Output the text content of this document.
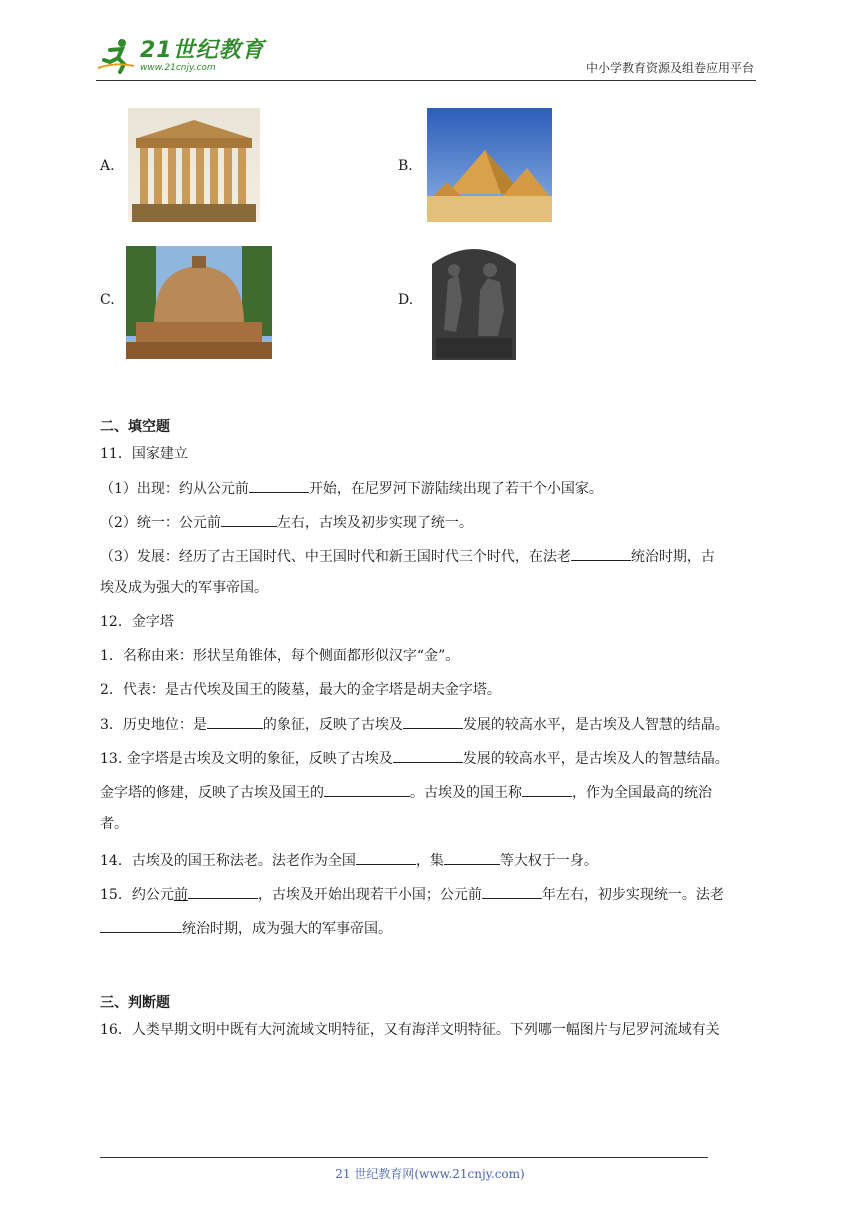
21世纪教育
www.21cnjy.com	中小学教育资源及组卷应用平台
A.	B.
C.	D.
二、填空题
11．国家建立
（1）出现：约从公元前	开始，在尼罗河下游陆续出现了若干个小国家。
（2）统一：公元前	左右，古埃及初步实现了统一。
（3）发展：经历了古王国时代、中王国时代和新王国时代三个时代，在法老	统治时期，古
埃及成为强大的军事帝国。
12．金字塔
1．名称由来：形状呈角锥体，每个侧面都形似汉字“金”。
2．代表：是古代埃及国王的陵墓，最大的金字塔是胡夫金字塔。
3．历史地位：是	的象征，反映了古埃及	发展的较高水平，是古埃及人智慧的结晶。
13. 金字塔是古埃及文明的象征，反映了古埃及	发展的较高水平，是古埃及人的智慧结晶。
金字塔的修建，反映了古埃及国王的	。古埃及的国王称	，作为全国最高的统治
者。
14．古埃及的国王称法老。法老作为全国	，集	等大权于一身。
15．约公元前	，古埃及开始出现若干小国；公元前	年左右，初步实现统一。法老
统治时期，成为强大的军事帝国。
三、判断题
16．人类早期文明中既有大河流域文明特征，又有海洋文明特征。下列哪一幅图片与尼罗河流域有关
21 世纪教育网(www.21cnjy.com)
